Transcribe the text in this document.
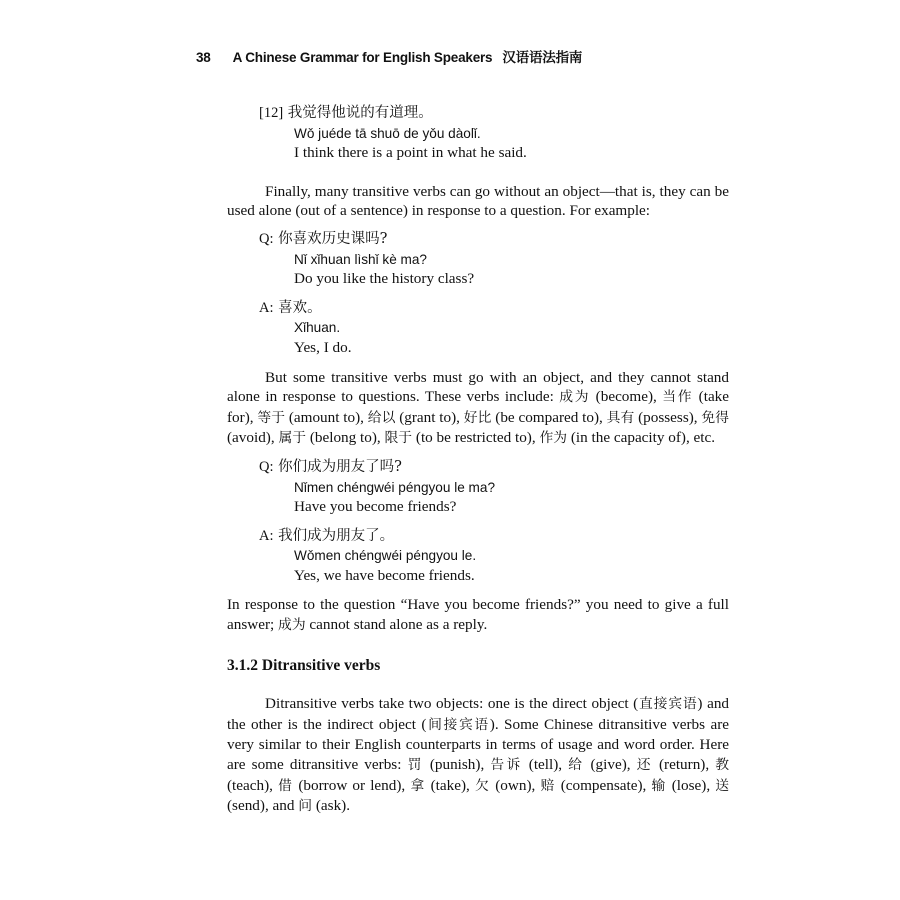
38 A Chinese Grammar for English Speakers 汉语语法指南
[12] 我觉得他说的有道理。
Wǒ juéde tā shuō de yǒu dàolǐ.
I think there is a point in what he said.

Finally, many transitive verbs can go without an object—that is, they can be used alone (out of a sentence) in response to a question. For example:

Q: 你喜欢历史课吗?
Nǐ xǐhuan lìshǐ kè ma?
Do you like the history class?
A: 喜欢。
Xǐhuan.
Yes, I do.

But some transitive verbs must go with an object, and they cannot stand alone in response to questions. These verbs include: 成为 (become), 当作 (take for), 等于 (amount to), 给以 (grant to), 好比 (be compared to), 具有 (possess), 免得 (avoid), 属于 (belong to), 限于 (to be restricted to), 作为 (in the capacity of), etc.

Q: 你们成为朋友了吗?
Nǐmen chéngwéi péngyou le ma?
Have you become friends?
A: 我们成为朋友了。
Wǒmen chéngwéi péngyou le.
Yes, we have become friends.

In response to the question “Have you become friends?” you need to give a full answer; 成为 cannot stand alone as a reply.

3.1.2 Ditransitive verbs

Ditransitive verbs take two objects: one is the direct object (直接宾语) and the other is the indirect object (间接宾语). Some Chinese ditransitive verbs are very similar to their English counterparts in terms of usage and word order. Here are some ditransitive verbs: 罚 (punish), 告诉 (tell), 给 (give), 还 (return), 教 (teach), 借 (borrow or lend), 拿 (take), 欠 (own), 赔 (compensate), 输 (lose), 送 (send), and 问 (ask).
